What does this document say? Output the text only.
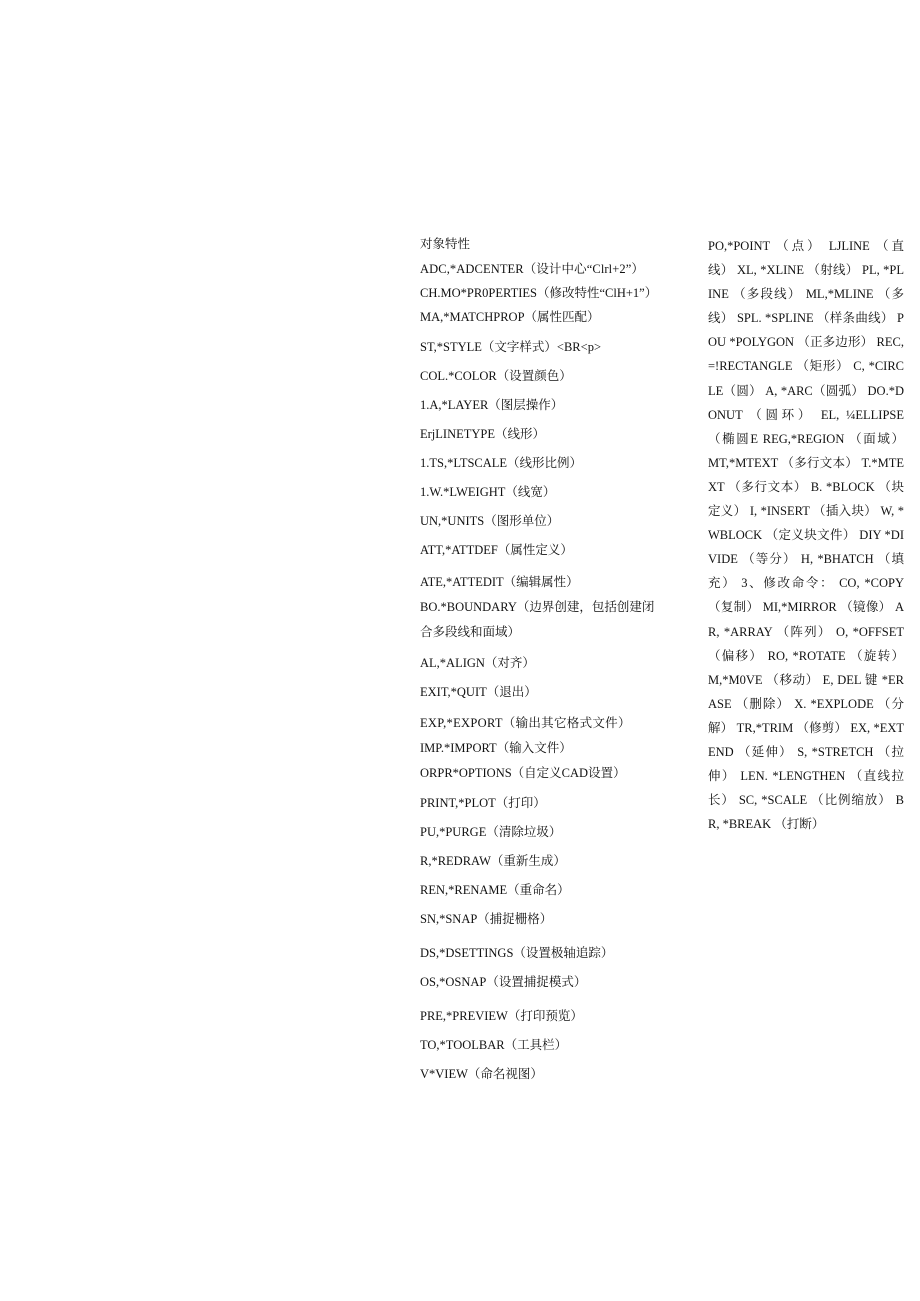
对象特性
ADC,*ADCENTER（设计中心“Clrl+2”）
CH.MO*PR0PERTIES（修改特性“ClH+1”）
MA,*MATCHPROP（属性匹配）
ST,*STYLE（文字样式）<BR<p>
COL.*COLOR（设置颜色）
1.A,*LAYER（图层操作）
ErjLINETYPE（线形）
1.TS,*LTSCALE（线形比例）
1.W.*LWEIGHT（线宽）
UN,*UNITS（图形单位）
ATT,*ATTDEF（属性定义）
ATE,*ATTEDIT（编辑属性）
BO.*BOUNDARY（边界创建，包括创建闭
合多段线和面域）
AL,*ALIGN（对齐）
EXIT,*QUIT（退出）
EXP,*EXPORT（输出其它格式文件）
IMP.*IMPORT（输入文件）
ORPR*OPTIONS（自定义CAD设置）
PRINT,*PLOT（打印）
PU,*PURGE（清除垃圾）
R,*REDRAW（重新生成）
REN,*RENAME（重命名）
SN,*SNAP（捕捉栅格）
DS,*DSETTINGS（设置极轴追踪）
OS,*OSNAP（设置捕捉模式）
PRE,*PREVIEW（打印预览）
TO,*TOOLBAR（工具栏）
V*VIEW（命名视图）
PO,*POINT （点） LJLINE （直线） XL, *XLINE （射线） PL, *PLINE （多段线） ML,*MLINE （多线） SPL. *SPLINE （样条曲线） POU *POLYGON （正多边形） REC, =!RECTANGLE （矩形） C, *CIRCLE（圆） A, *ARC（圆弧） DO.*DONUT （圆环） EL, ¼ELLIPSE （椭圆E REG,*REGION （面域） MT,*MTEXT （多行文本） T.*MTEXT （多行文本） B. *BLOCK （块定义） I, *INSERT （插入块） W, *WBLOCK （定义块文件） DIY *DIVIDE （等分） H, *BHATCH （填充） 3、修改命令： CO, *COPY （复制） MI,*MIRROR （镜像） AR, *ARRAY （阵列） O, *OFFSET （偏移） RO, *ROTATE （旋转） M,*M0VE （移动） E, DEL 键 *ERASE （删除） X. *EXPLODE （分解） TR,*TRIM （修剪） EX, *EXTEND （延伸） S, *STRETCH （拉伸） LEN. *LENGTHEN （直线拉长） SC, *SCALE （比例缩放） BR, *BREAK （打断）
